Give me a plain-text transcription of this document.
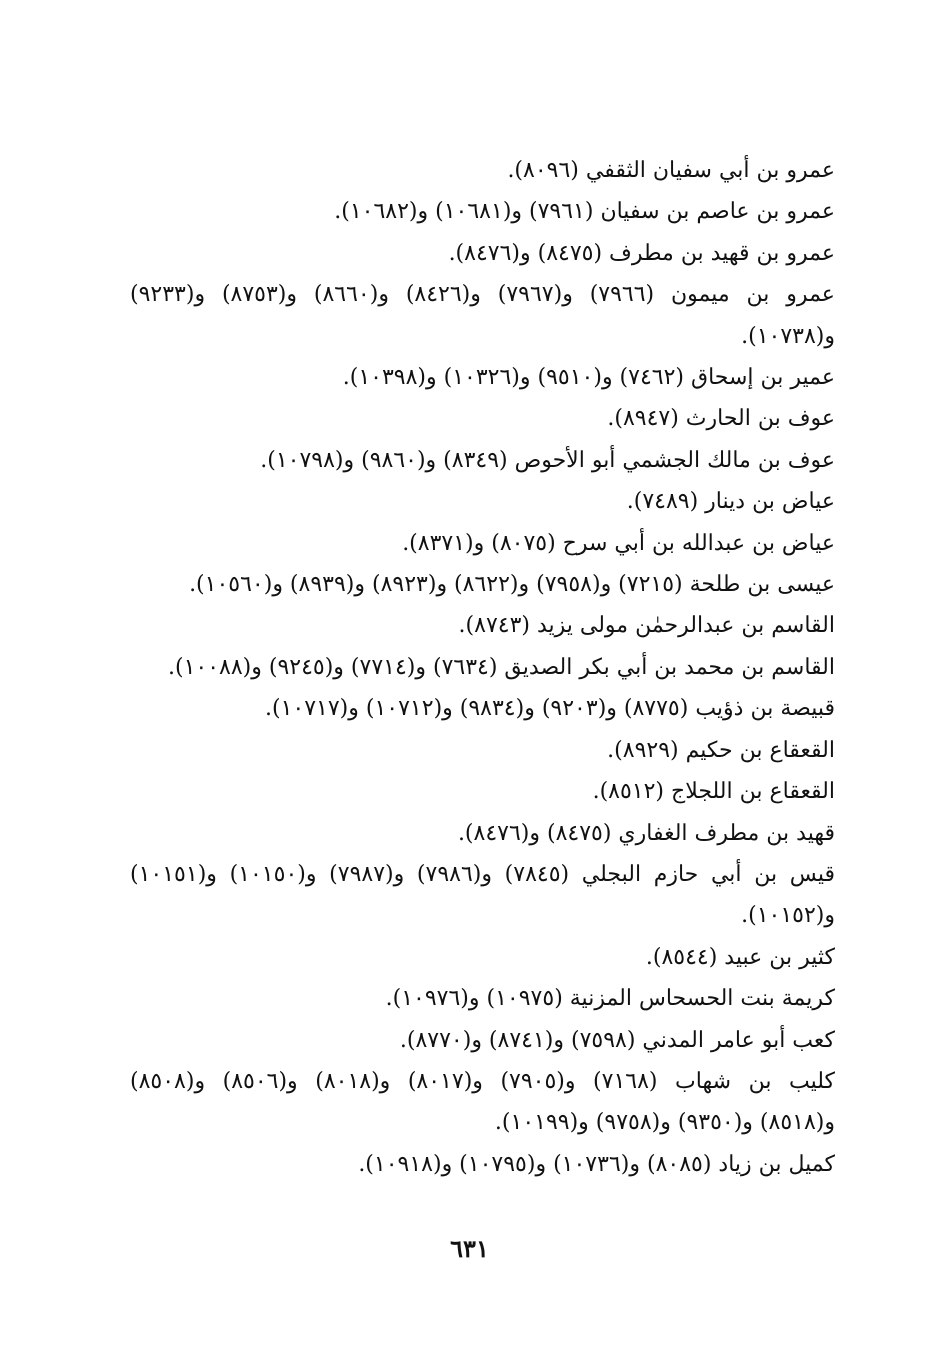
عمرو بن أبي سفيان الثقفي (٨٠٩٦).
عمرو بن عاصم بن سفيان (٧٩٦١) و(١٠٦٨١) و(١٠٦٨٢).
عمرو بن قهيد بن مطرف (٨٤٧٥) و(٨٤٧٦).
عمرو بن ميمون (٧٩٦٦) و(٧٩٦٧) و(٨٤٢٦) و(٨٦٦٠) و(٨٧٥٣) و(٩٢٣٣)
و(١٠٧٣٨).
عمير بن إسحاق (٧٤٦٢) و(٩٥١٠) و(١٠٣٢٦) و(١٠٣٩٨).
عوف بن الحارث (٨٩٤٧).
عوف بن مالك الجشمي أبو الأحوص (٨٣٤٩) و(٩٨٦٠) و(١٠٧٩٨).
عياض بن دينار (٧٤٨٩).
عياض بن عبدالله بن أبي سرح (٨٠٧٥) و(٨٣٧١).
عيسى بن طلحة (٧٢١٥) و(٧٩٥٨) و(٨٦٢٢) و(٨٩٢٣) و(٨٩٣٩) و(١٠٥٦٠).
القاسم بن عبدالرحمٰن مولى يزيد (٨٧٤٣).
القاسم بن محمد بن أبي بكر الصديق (٧٦٣٤) و(٧٧١٤) و(٩٢٤٥) و(١٠٠٨٨).
قبيصة بن ذؤيب (٨٧٧٥) و(٩٢٠٣) و(٩٨٣٤) و(١٠٧١٢) و(١٠٧١٧).
القعقاع بن حكيم (٨٩٢٩).
القعقاع بن اللجلاج (٨٥١٢).
قهيد بن مطرف الغفاري (٨٤٧٥) و(٨٤٧٦).
قيس بن أبي حازم البجلي (٧٨٤٥) و(٧٩٨٦) و(٧٩٨٧) و(١٠١٥٠) و(١٠١٥١)
و(١٠١٥٢).
كثير بن عبيد (٨٥٤٤).
كريمة بنت الحسحاس المزنية (١٠٩٧٥) و(١٠٩٧٦).
كعب أبو عامر المدني (٧٥٩٨) و(٨٧٤١) و(٨٧٧٠).
كليب بن شهاب (٧١٦٨) و(٧٩٠٥) و(٨٠١٧) و(٨٠١٨) و(٨٥٠٦) و(٨٥٠٨)
و(٨٥١٨) و(٩٣٥٠) و(٩٧٥٨) و(١٠١٩٩).
كميل بن زياد (٨٠٨٥) و(١٠٧٣٦) و(١٠٧٩٥) و(١٠٩١٨).
٦٣١
